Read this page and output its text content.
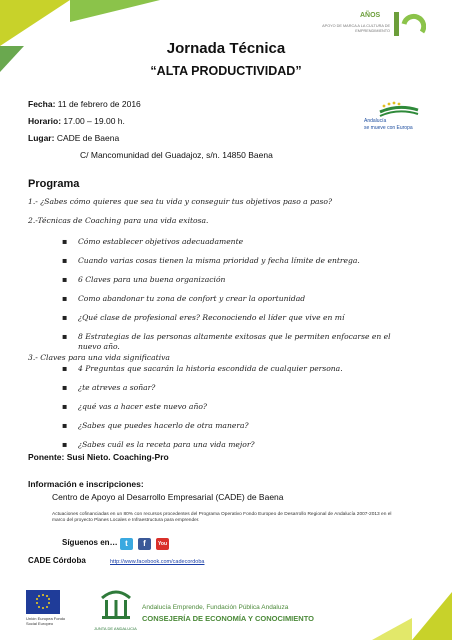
AÑOS
APOYO DE MARCA A LA CULTURA DE EMPRENDIMIENTO
Jornada Técnica
“ALTA PRODUCTIVIDAD”
Fecha: 11 de febrero de 2016
Horario: 17.00 – 19.00 h.
Lugar: CADE de Baena
C/ Mancomunidad del Guadajoz, s/n. 14850 Baena
Andalucía
se mueve con Europa
Programa
1.- ¿Sabes cómo quieres que sea tu vida y conseguir tus objetivos paso a paso?
2.-Técnicas de Coaching para una vida exitosa.
▪ Cómo establecer objetivos adecuadamente
▪ Cuando varias cosas tienen la misma prioridad y fecha límite de entrega.
▪ 6 Claves para una buena organización
▪ Como abandonar tu zona de confort y crear la oportunidad
▪ ¿Qué clase de profesional eres? Reconociendo el líder que vive en mí
▪ 8 Estrategias de las personas altamente exitosas que le permiten enfocarse en el nuevo año.
3.- Claves para una vida significativa
▪ 4 Preguntas que sacarán la historia escondida de cualquier persona.
▪ ¿te atreves a soñar?
▪ ¿qué vas a hacer este nuevo año?
▪ ¿Sabes que puedes hacerlo de otra manera?
▪ ¿Sabes cuál es la receta para una vida mejor?
Ponente: Susi Nieto. Coaching-Pro
Información e inscripciones:
Centro de Apoyo al Desarrollo Empresarial (CADE) de Baena
Actuaciones cofinanciadas en un 80% con recursos procedentes del Programa Operativo Fondo Europeo de Desarrollo Regional de Andalucía 2007-2013 en el marco del proyecto Planes Locales e Infraestructura para emprender.
Síguenos en… t	f	You
CADE Córdoba	http://www.facebook.com/cadecordoba
Unión Europea Fondo Social Europeo
JUNTA DE ANDALUCIA
Andalucía Emprende, Fundación Pública Andaluza
CONSEJERÍA DE ECONOMÍA Y CONOCIMIENTO
